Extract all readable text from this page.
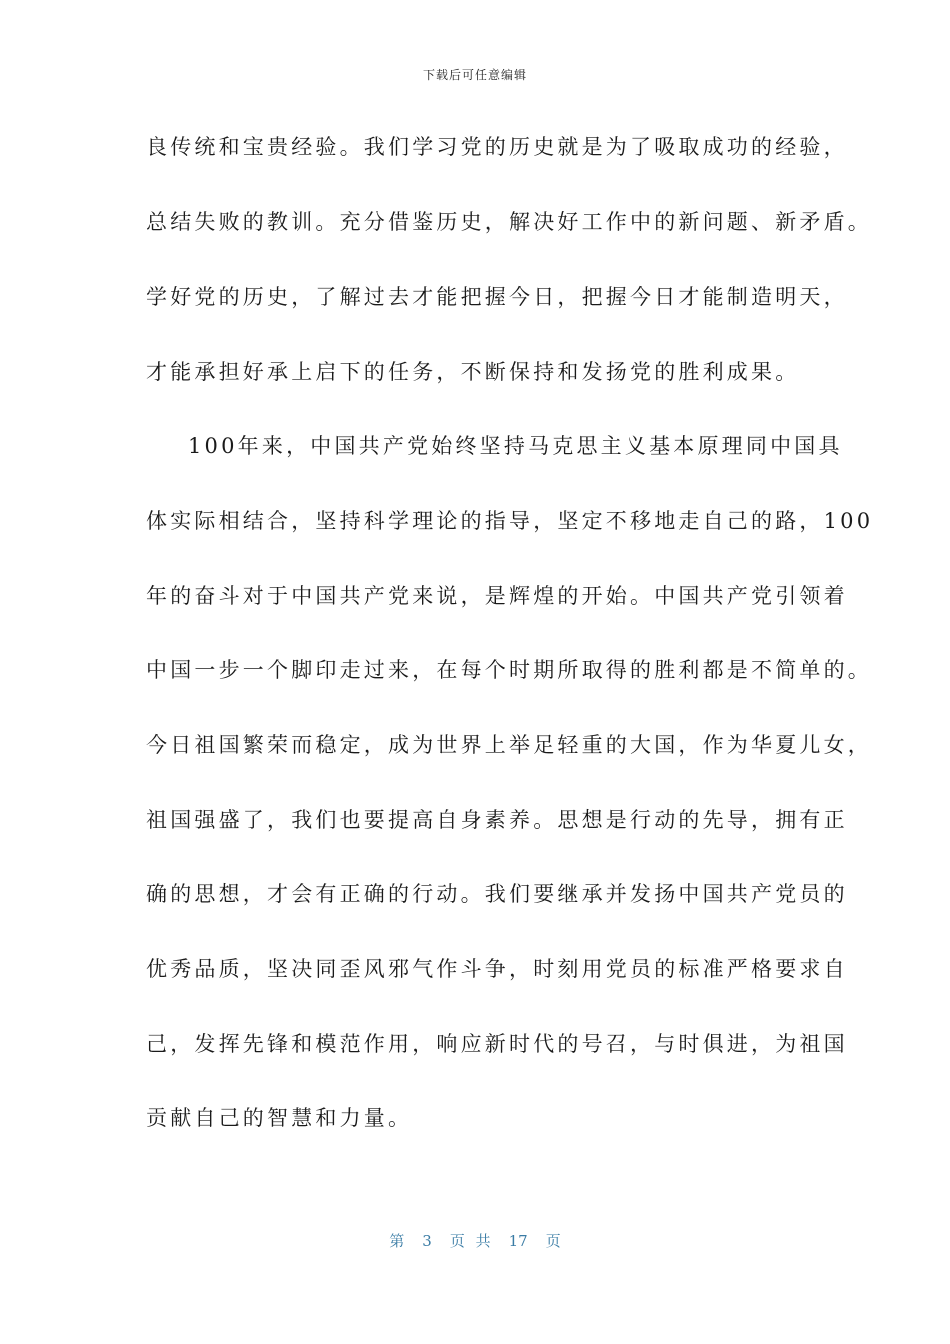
下载后可任意编辑
良传统和宝贵经验。我们学习党的历史就是为了吸取成功的经验，
总结失败的教训。充分借鉴历史，解决好工作中的新问题、新矛盾。
学好党的历史，了解过去才能把握今日，把握今日才能制造明天，
才能承担好承上启下的任务，不断保持和发扬党的胜利成果。
100年来，中国共产党始终坚持马克思主义基本原理同中国具
体实际相结合，坚持科学理论的指导，坚定不移地走自己的路，100
年的奋斗对于中国共产党来说，是辉煌的开始。中国共产党引领着
中国一步一个脚印走过来，在每个时期所取得的胜利都是不简单的。
今日祖国繁荣而稳定，成为世界上举足轻重的大国，作为华夏儿女，
祖国强盛了，我们也要提高自身素养。思想是行动的先导，拥有正
确的思想，才会有正确的行动。我们要继承并发扬中国共产党员的
优秀品质，坚决同歪风邪气作斗争，时刻用党员的标准严格要求自
己，发挥先锋和模范作用，响应新时代的号召，与时俱进，为祖国
贡献自己的智慧和力量。
第 3 页 共 17 页
